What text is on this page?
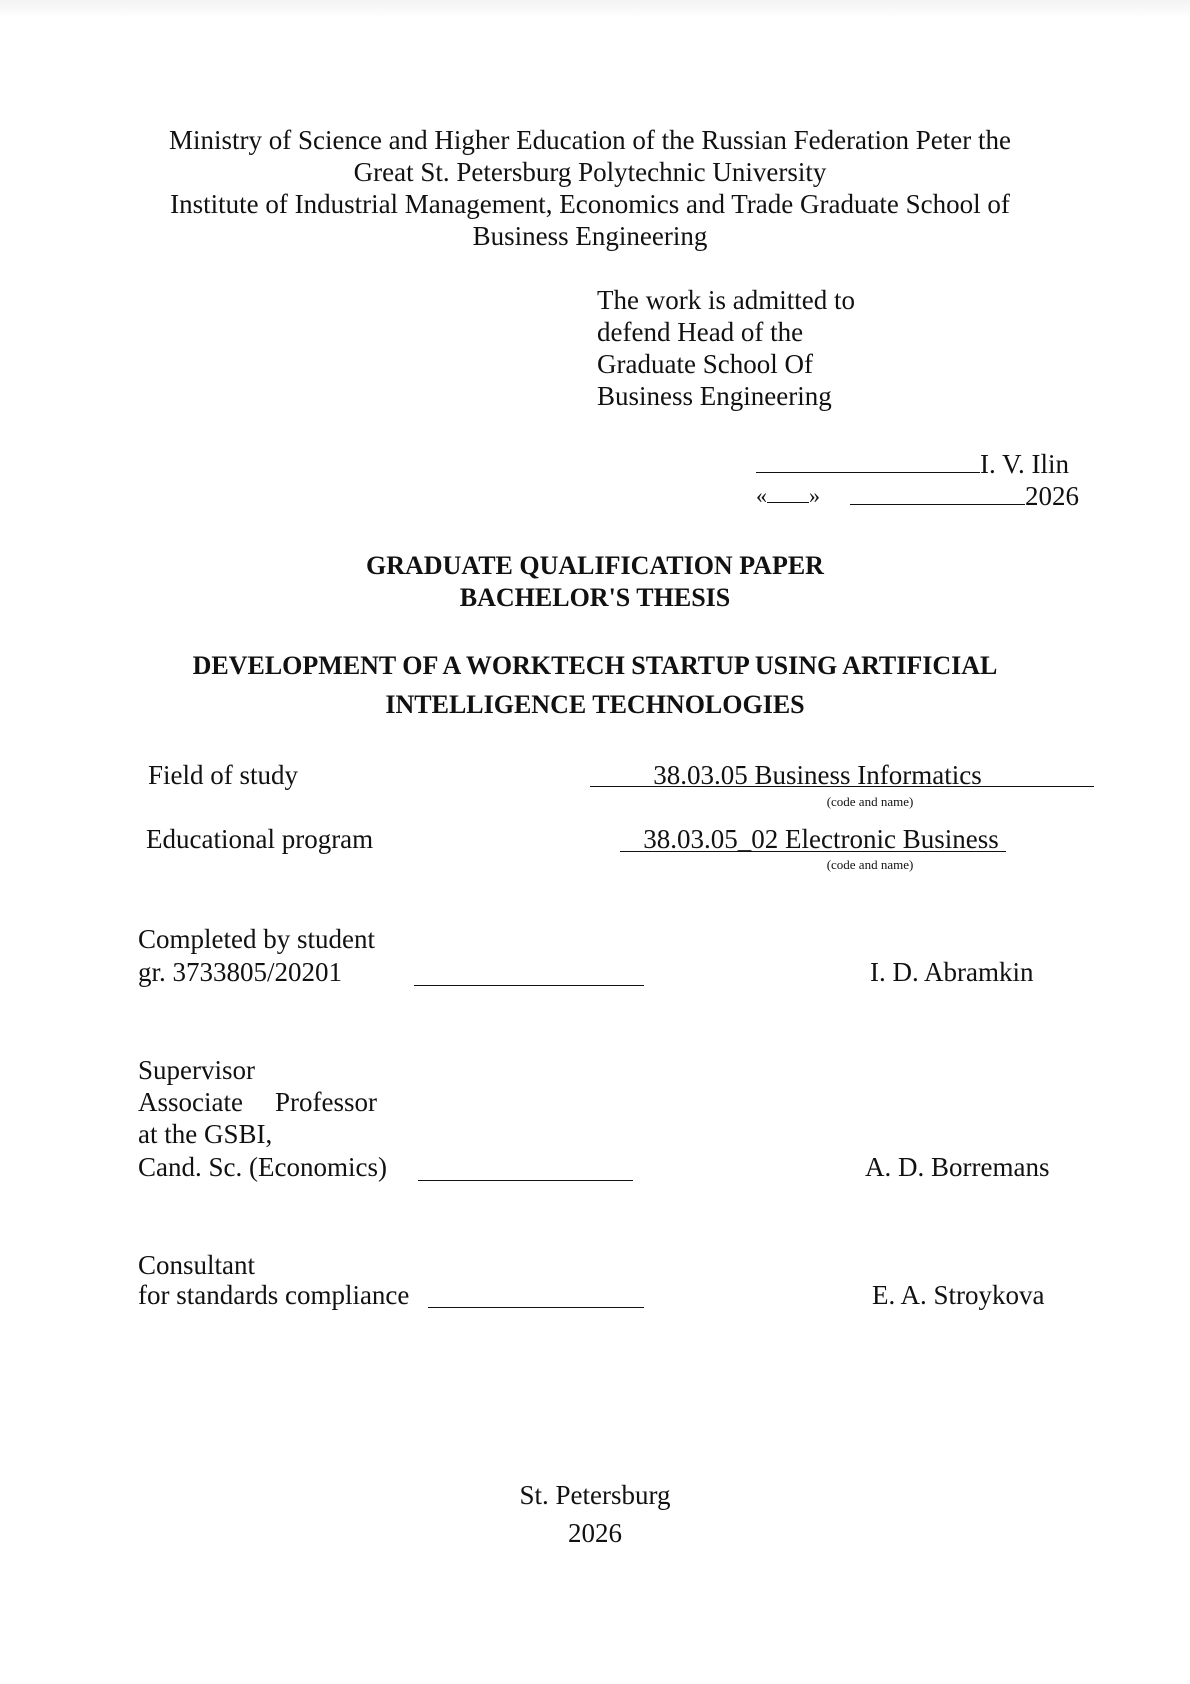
Ministry of Science and Higher Education of the Russian Federation Peter the
Great St. Petersburg Polytechnic University
Institute of Industrial Management, Economics and Trade Graduate School of
Business Engineering
The work is admitted to
defend Head of the
Graduate School Of
Business Engineering
I. V. Ilin
« »	2026
GRADUATE QUALIFICATION PAPER
BACHELOR'S THESIS
DEVELOPMENT OF A WORKTECH STARTUP USING ARTIFICIAL
INTELLIGENCE TECHNOLOGIES
Field of study	38.03.05 Business Informatics
(code and name)
Educational program	38.03.05_02 Electronic Business
(code and name)
Completed by student
gr. 3733805/20201	I. D. Abramkin
Supervisor
Associate Professor
at the GSBI,
Cand. Sc. (Economics)	A. D. Borremans
Consultant
for standards compliance	E. A. Stroykova
St. Petersburg
2026
